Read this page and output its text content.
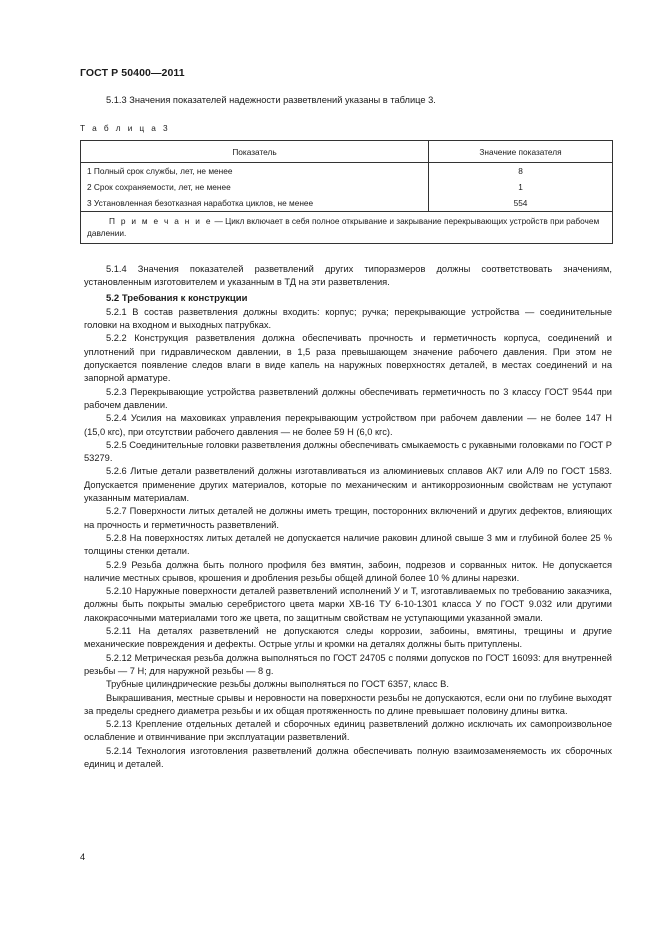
ГОСТ Р 50400—2011

5.1.3 Значения показателей надежности разветвлений указаны в таблице 3.

Т а б л и ц а 3
Показатель	Значение показателя
1 Полный срок службы, лет, не менее	8
2 Срок сохраняемости, лет, не менее	1
3 Установленная безотказная наработка циклов, не менее	554
П р и м е ч а н и е — Цикл включает в себя полное открывание и закрывание перекрывающих устройств при рабочем давлении.	

5.1.4 Значения показателей разветвлений других типоразмеров должны соответствовать значениям, установленным изготовителем и указанным в ТД на эти разветвления.

5.2 Требования к конструкции

5.2.1 В состав разветвления должны входить: корпус; ручка; перекрывающие устройства — соединительные головки на входном и выходных патрубках.

5.2.2 Конструкция разветвления должна обеспечивать прочность и герметичность корпуса, соединений и уплотнений при гидравлическом давлении, в 1,5 раза превышающем значение рабочего давления. При этом не допускается появление следов влаги в виде капель на наружных поверхностях деталей, в местах соединений и на запорной арматуре.

5.2.3 Перекрывающие устройства разветвлений должны обеспечивать герметичность по 3 классу ГОСТ 9544 при рабочем давлении.

5.2.4 Усилия на маховиках управления перекрывающим устройством при рабочем давлении — не более 147 Н (15,0 кгс), при отсутствии рабочего давления — не более 59 Н (6,0 кгс).

5.2.5 Соединительные головки разветвления должны обеспечивать смыкаемость с рукавными головками по ГОСТ Р 53279.

5.2.6 Литые детали разветвлений должны изготавливаться из алюминиевых сплавов АК7 или АЛ9 по ГОСТ 1583. Допускается применение других материалов, которые по механическим и антикоррозионным свойствам не уступают указанным материалам.

5.2.7 Поверхности литых деталей не должны иметь трещин, посторонних включений и других дефектов, влияющих на прочность и герметичность разветвлений.

5.2.8 На поверхностях литых деталей не допускается наличие раковин длиной свыше 3 мм и глубиной более 25 % толщины стенки детали.

5.2.9 Резьба должна быть полного профиля без вмятин, забоин, подрезов и сорванных ниток. Не допускается наличие местных срывов, крошения и дробления резьбы общей длиной более 10 % длины нарезки.

5.2.10 Наружные поверхности деталей разветвлений исполнений У и Т, изготавливаемых по требованию заказчика, должны быть покрыты эмалью серебристого цвета марки ХВ-16 ТУ 6-10-1301 класса У по ГОСТ 9.032 или другими лакокрасочными материалами того же цвета, по защитным свойствам не уступающими указанной эмали.

5.2.11 На деталях разветвлений не допускаются следы коррозии, забоины, вмятины, трещины и другие механические повреждения и дефекты. Острые углы и кромки на деталях должны быть притуплены.

5.2.12 Метрическая резьба должна выполняться по ГОСТ 24705 с полями допусков по ГОСТ 16093: для внутренней резьбы — 7 Н; для наружной резьбы — 8 g.

Трубные цилиндрические резьбы должны выполняться по ГОСТ 6357, класс В.

Выкрашивания, местные срывы и неровности на поверхности резьбы не допускаются, если они по глубине выходят за пределы среднего диаметра резьбы и их общая протяженность по длине превышает половину длины витка.

5.2.13 Крепление отдельных деталей и сборочных единиц разветвлений должно исключать их самопроизвольное ослабление и отвинчивание при эксплуатации разветвлений.

5.2.14 Технология изготовления разветвлений должна обеспечивать полную взаимозаменяемость их сборочных единиц и деталей.

4
